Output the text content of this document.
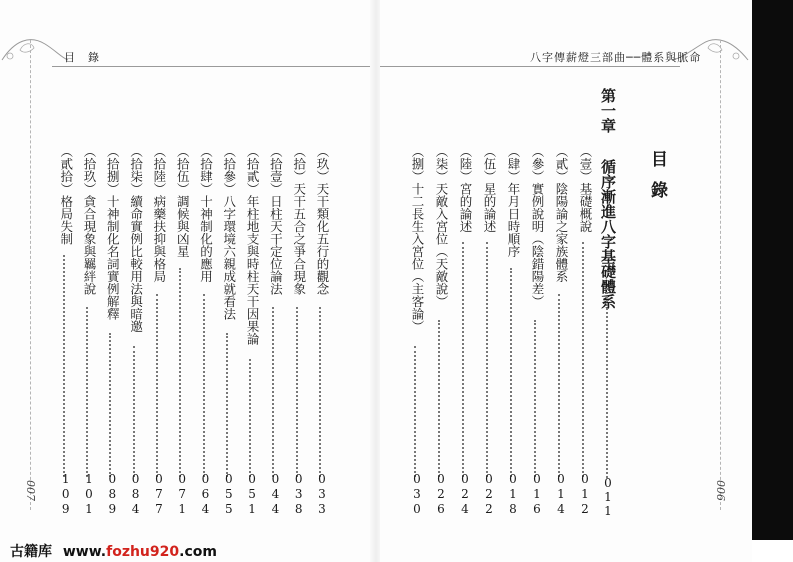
目　錄
007
（玖）天干類化五行的觀念
033
（拾）天干五合之爭合現象
038
（拾壹）日柱天干定位論法
044
（拾貳）年柱地支與時柱天干因果論
051
（拾參）八字環境六親成就看法
055
（拾肆）十神制化的應用
064
（拾伍）調候與凶星
071
（拾陸）病藥扶抑與格局
077
（拾柒）續命實例比較用法與暗邀
084
（拾捌）十神制化名詞實例解釋
089
（拾玖）貪合現象與羈絆說
101
（貳拾）格局失制
109
八字傳薪燈三部曲──體系與脈命
006
目錄
第一章 循序漸進八字基礎體系
011
（壹）基礎概說
012
（貳）陰陽論之家族體系
014
（參）實例說明（陰錯陽差）
016
（肆）年月日時順序
018
（伍）星的論述
022
（陸）宮的論述
024
（柒）天敵入宮位（天敵說）
026
（捌）十二長生入宮位（主客論）
030
古籍库 www.fozhu920.com
